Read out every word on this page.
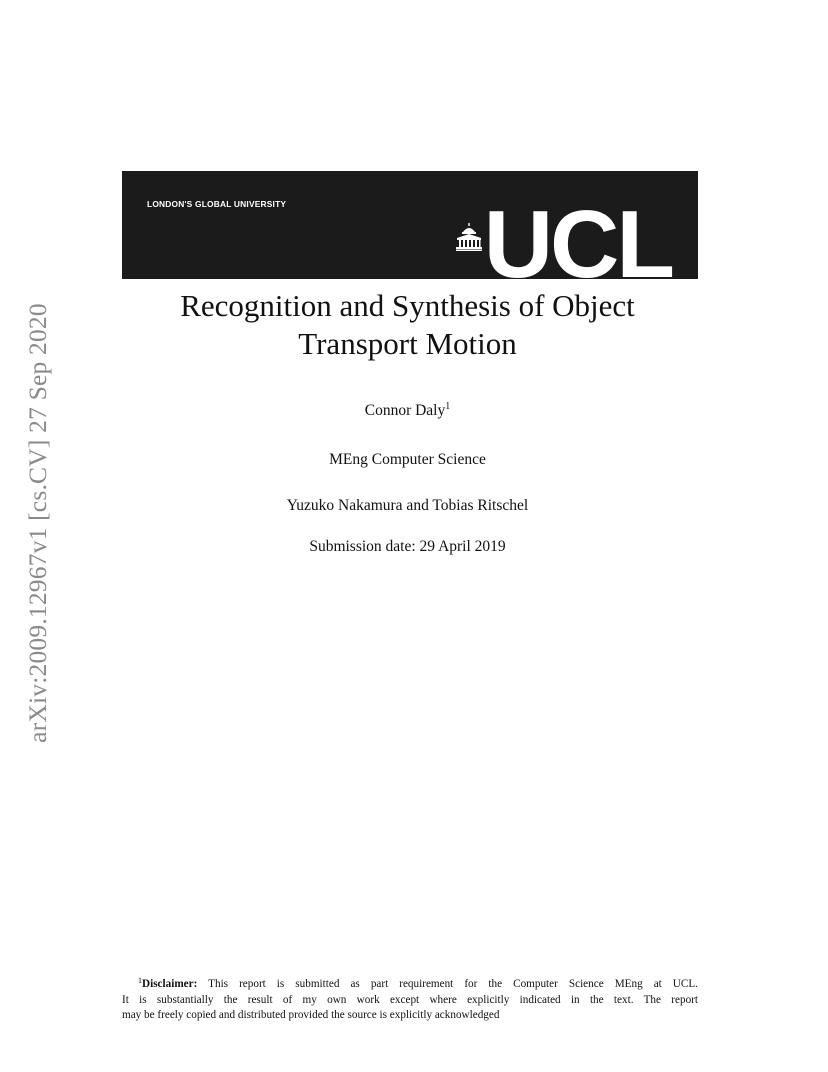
arXiv:2009.12967v1 [cs.CV] 27 Sep 2020
LONDON'S GLOBAL UNIVERSITY UCL
Recognition and Synthesis of Object Transport Motion
Connor Daly$^1$
MEng Computer Science
Yuzuko Nakamura and Tobias Ritschel
Submission date: 29 April 2019
$^1$Disclaimer: This report is submitted as part requirement for the Computer Science MEng at UCL.
It is substantially the result of my own work except where explicitly indicated in the text. The report
may be freely copied and distributed provided the source is explicitly acknowledged
